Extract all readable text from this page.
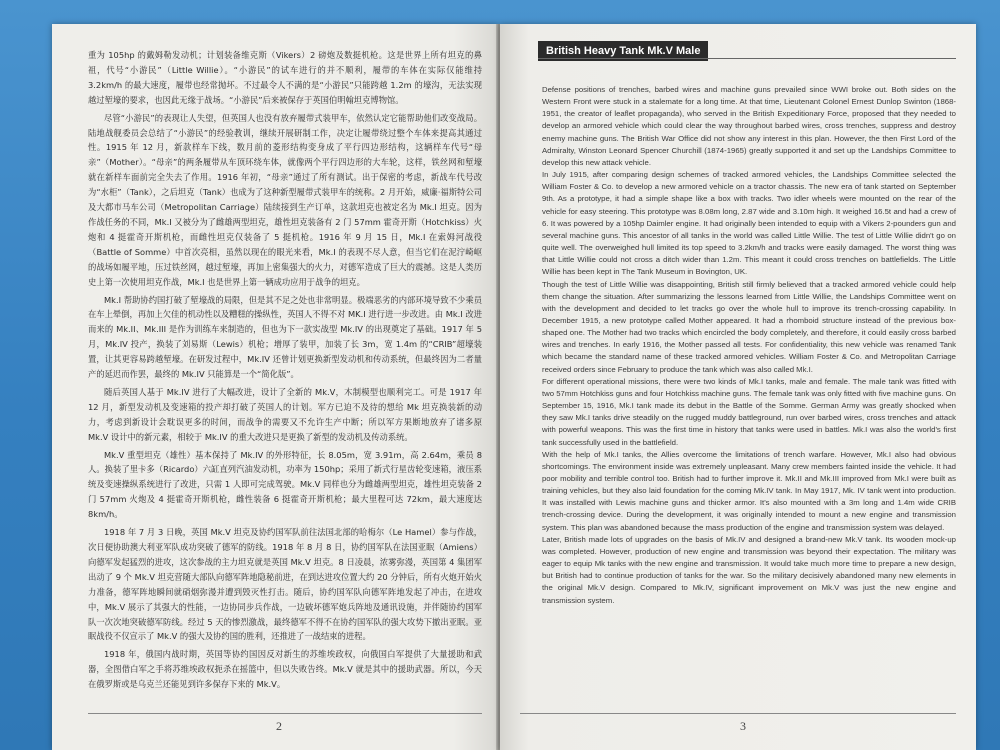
重为 105hp 的戴姆勒发动机；计划装备维克斯（Vikers）2 磅炮及数挺机枪。这是世界上所有坦克的鼻祖，代号“小游民”（Little Willie）。“小游民”的试车进行的并不顺利，履带的车体在实际仅能维持 3.2km/h 的最大速度，履带也经常抛坏。不过最令人不满的是“小游民”只能跨越 1.2m 的壕沟，无法实现越过堑壕的要求，也因此无缘于战场。“小游民”后来被保存于英国伯明翰坦克博物馆。

尽管“小游民”的表现让人失望，但英国人也没有放弃履带式装甲车，依然认定它能帮助他们改变战局。陆地战舰委员会总结了“小游民”的经验教训，继续开展研制工作，决定让履带绕过整个车体来提高其通过性。1915 年 12 月，新款样车下线，数月前的菱形结构变身成了平行四边形结构，这辆样车代号“母亲”（Mother）。“母亲”的两条履带从车顶环绕车体，就像两个平行四边形的大车轮，这样，铁丝网和堑壕就在新样车面前完全失去了作用。1916 年初，“母亲”通过了所有测试。出于保密的考虑，新战车代号改为“水柜”（Tank），之后坦克（Tank）也成为了这种新型履带式装甲车的统称。2 月开始，威廉·福斯特公司及大都市马车公司（Metropolitan Carriage）陆续接到生产订单，这款坦克也被定名为 Mk.I 坦克。因为作战任务的不同，Mk.I 又被分为了雌雄两型坦克，雄性坦克装备有 2 门 57mm 霍奇开斯（Hotchkiss）火炮和 4 挺霍奇开斯机枪，而雌性坦克仅装备了 5 挺机枪。1916 年 9 月 15 日，Mk.I 在索姆河战役（Battle of Somme）中首次亮相，虽然以现在的眼光来看，Mk.I 的表现不尽人意，但当它们在泥泞崎岖的战场如履平地，压过铁丝网，越过堑壕，再加上密集强大的火力，对德军造成了巨大的震撼。这是人类历史上第一次使用坦克作战，Mk.I 也是世界上第一辆成功应用于战争的坦克。

Mk.I 帮助协约国打破了堑壕战的局限，但是其不足之处也非常明显。极端恶劣的内部环境导致不少乘员在车上晕倒，再加上欠佳的机动性以及糟糕的操纵性，英国人不得不对 MK.I 进行进一步改进。由 Mk.I 改进而来的 Mk.II、Mk.III 是作为训练车来制造的，但也为下一款实战型 Mk.IV 的出现奠定了基础。1917 年 5 月，Mk.IV 投产，换装了刘易斯（Lewis）机枪；增厚了装甲，加装了长 3m，宽 1.4m 的“CRIB”超壕装置，让其更容易跨越堑壕。在研发过程中，Mk.IV 还曾计划更换新型发动机和传动系统，但最终因为二者量产的延迟而作罢，最终的 Mk.IV 只能算是一个“简化版”。

随后英国人基于 Mk.IV 进行了大幅改进，设计了全新的 Mk.V，木制模型也顺利完工。可是 1917 年 12 月，新型发动机及变速箱的投产却打破了英国人的计划。军方已迫不及待的想给 Mk 坦克换装新的动力，考虑到新设计会耽误更多的时间，而战争的需要又不允许生产中断；所以军方果断地放弃了诸多原 Mk.V 设计中的新元素，相较于 Mk.IV 的重大改进只是更换了新型的发动机及传动系统。

Mk.V 重型坦克（雄性）基本保持了 Mk.IV 的外形特征，长 8.05m，宽 3.91m，高 2.64m，乘员 8 人。换装了里卡多（Ricardo）六缸直列汽油发动机，功率为 150hp；采用了新式行星齿轮变速箱，液压系统及变速操纵系统进行了改进，只需 1 人即可完成驾驶。Mk.V 同样也分为雌雄两型坦克，雄性坦克装备 2 门 57mm 火炮及 4 挺霍奇开斯机枪，雌性装备 6 挺霍奇开斯机枪；最大里程可达 72km，最大速度达 8km/h。

1918 年 7 月 3 日晚，英国 Mk.V 坦克及协约国军队前往法国北部的哈梅尔（Le Hamel）参与作战，次日便协助澳大利亚军队成功突破了德军的防线。1918 年 8 月 8 日，协约国军队在法国亚眠（Amiens）向德军发起猛烈的进攻，这次参战的主力坦克就是英国 Mk.V 坦克。8 日凌晨，浓雾弥漫，英国第 4 集团军出动了 9 个 Mk.V 坦克营随大部队向德军阵地隐秘前进，在到达进攻位置大约 20 分钟后，所有火炮开始火力准备，德军阵地瞬间就硝烟弥漫并遭到毁灭性打击。随后，协约国军队向德军阵地发起了冲击，在进攻中，Mk.V 展示了其强大的性能，一边协同步兵作战，一边破坏德军炮兵阵地及通讯设施，并伴随协约国军队一次次地突破德军防线。经过 5 天的惨烈激战，最终德军不得不在协约国军队的强大攻势下撤出亚眠。亚眠战役不仅宣示了 Mk.V 的强大及协约国的胜利，还推进了一战结束的进程。

1918 年，俄国内战时期，英国等协约国因反对新生的苏维埃政权，向俄国白军提供了大量援助和武器，全图借白军之手将苏维埃政权扼杀在摇篮中，但以失败告终。Mk.V 就是其中的援助武器。所以，今天在俄罗斯或是乌克兰还能见到许多保存下来的 Mk.V。

2
British Heavy Tank Mk.V Male

Defense positions of trenches, barbed wires and machine guns prevailed since WWI broke out. Both sides on the Western Front were stuck in a stalemate for a long time. At that time, Lieutenant Colonel Ernest Dunlop Swinton (1868-1951, the creator of leaflet propaganda), who served in the British Expeditionary Force, proposed that they needed to develop an armored vehicle which could clear the way throughout barbed wires, cross trenches, suppress and destroy enemy machine guns. The British War Office did not show any interest in this plan. However, the then First Lord of the Admiralty, Winston Leonard Spencer Churchill (1874-1965) greatly supported it and set up the Landships Committee to develop this new attack vehicle.

In July 1915, after comparing design schemes of tracked armored vehicles, the Landships Committee selected the William Foster & Co. to develop a new armored vehicle on a tractor chassis. The new era of tank started on September 9th. As a prototype, it had a simple shape like a box with tracks. Two idler wheels were mounted on the rear of the vehicle for easy steering. This prototype was 8.08m long, 2.87 wide and 3.10m high. It weighed 16.5t and had a crew of 6. It was powered by a 105hp Daimler engine. It had originally been intended to equip with a Vikers 2-pounders gun and several machine guns. This ancestor of all tanks in the world was called Little Willie. The test of Little Willie didn't go on quite well. The overweighed hull limited its top speed to 3.2km/h and tracks were easily damaged. The worst thing was that Little Willie could not cross a ditch wider than 1.2m. This meant it could cross trenches on battlefields. The Little Willie has been kept in The Tank Museum in Bovington, UK.

Though the test of Little Willie was disappointing, British still firmly believed that a tracked armored vehicle could help them change the situation. After summarizing the lessons learned from Little Willie, the Landships Committee went on with the development and decided to let tracks go over the whole hull to improve its trench-crossing capability. In December 1915, a new prototype called Mother appeared. It had a rhomboid structure instead of the previous box-shaped one. The Mother had two tracks which encircled the body completely, and therefore, it could easily cross barbed wires and trenches. In early 1916, the Mother passed all tests. For confidentiality, this new vehicle was renamed Tank which became the standard name of these tracked armored vehicles. William Foster & Co. and Metropolitan Carriage received orders since February to produce the tank which was also called Mk.I.

For different operational missions, there were two kinds of Mk.I tanks, male and female. The male tank was fitted with two 57mm Hotchkiss guns and four Hotchkiss machine guns. The female tank was only fitted with five machine guns. On September 15, 1916, Mk.I tank made its debut in the Battle of the Somme. German Army was greatly shocked when they saw Mk.I tanks drive steadily on the rugged muddy battleground, run over barbed wires, cross trenches and attack with powerful weapons. This was the first time in history that tanks were used in battles. Mk.I was also the world's first tank successfully used in the battlefield.

With the help of Mk.I tanks, the Allies overcome the limitations of trench warfare. However, Mk.I also had obvious shortcomings. The environment inside was extremely unpleasant. Many crew members fainted inside the vehicle. It had poor mobility and terrible control too. British had to further improve it. Mk.II and Mk.III improved from Mk.I were built as training vehicles, but they also laid foundation for the coming Mk.IV tank. In May 1917, Mk. IV tank went into production. It was installed with Lewis machine guns and thicker armor. It's also mounted with a 3m long and 1.4m wide CRIB trench-crossing device. During the development, it was originally intended to mount a new engine and transmission system. This plan was abandoned because the mass production of the engine and transmission system was delayed.

Later, British made lots of upgrades on the basis of Mk.IV and designed a brand-new Mk.V tank. Its wooden mock-up was completed. However, production of new engine and transmission was beyond their expectation. The military was eager to equip Mk tanks with the new engine and transmission. It would take much more time to prepare a new design, but British had to continue production of tanks for the war. So the military decisively abandoned many new elements in the original Mk.V design. Compared to Mk.IV, significant improvement on Mk.V was just the new engine and transmission system.

3
